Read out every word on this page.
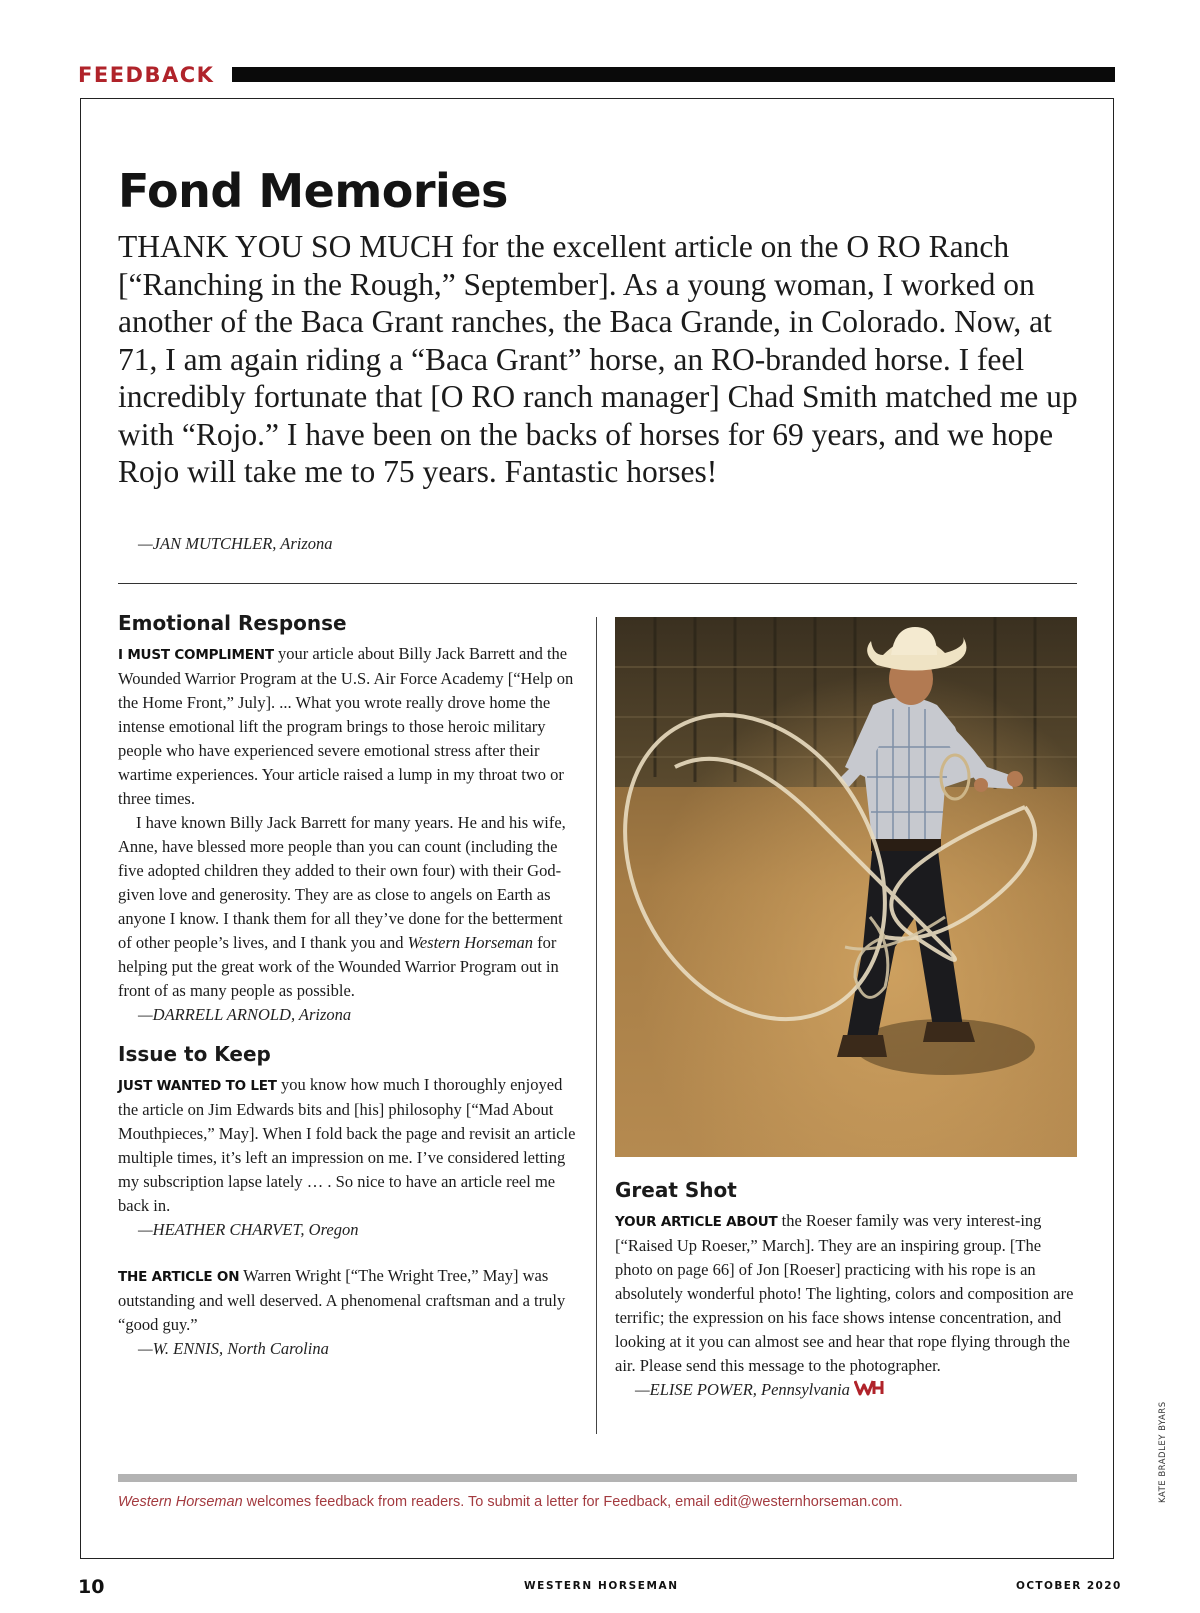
FEEDBACK
Fond Memories

THANK YOU SO MUCH for the excellent article on the O RO Ranch [“Ranching in the Rough,” September]. As a young woman, I worked on another of the Baca Grant ranches, the Baca Grande, in Colorado. Now, at 71, I am again riding a “Baca Grant” horse, an RO-branded horse. I feel incredibly fortunate that [O RO ranch manager] Chad Smith matched me up with “Rojo.” I have been on the backs of horses for 69 years, and we hope Rojo will take me to 75 years. Fantastic horses!

—JAN MUTCHLER, Arizona
Emotional Response

I MUST COMPLIMENT your article about Billy Jack Barrett and the Wounded Warrior Program at the U.S. Air Force Academy [“Help on the Home Front,” July]. ... What you wrote really drove home the intense emotional lift the program brings to those heroic military people who have experienced severe emotional stress after their wartime experiences. Your article raised a lump in my throat two or three times.

I have known Billy Jack Barrett for many years. He and his wife, Anne, have blessed more people than you can count (including the five adopted children they added to their own four) with their God-given love and generosity. They are as close to angels on Earth as anyone I know. I thank them for all they’ve done for the betterment of other people’s lives, and I thank you and Western Horseman for helping put the great work of the Wounded Warrior Program out in front of as many people as possible.

—DARRELL ARNOLD, Arizona

Issue to Keep

JUST WANTED TO LET you know how much I thoroughly enjoyed the article on Jim Edwards bits and [his] philosophy [“Mad About Mouthpieces,” May]. When I fold back the page and revisit an article multiple times, it’s left an impression on me. I’ve considered letting my subscription lapse lately … . So nice to have an article reel me back in.

—HEATHER CHARVET, Oregon

THE ARTICLE ON Warren Wright [“The Wright Tree,” May] was outstanding and well deserved. A phenomenal craftsman and a truly “good guy.”

—W. ENNIS, North Carolina

Great Shot

YOUR ARTICLE ABOUT the Roeser family was very interest-ing [“Raised Up Roeser,” March]. They are an inspiring group. [The photo on page 66] of Jon [Roeser] practicing with his rope is an absolutely wonderful photo! The lighting, colors and composition are terrific; the expression on his face shows intense concentration, and looking at it you can almost see and hear that rope flying through the air. Please send this message to the photographer.

—ELISE POWER, Pennsylvania

Western Horseman welcomes feedback from readers. To submit a letter for Feedback, email edit@westernhorseman.com.	KATE BRADLEY BYARS
10	WESTERN HORSEMAN	OCTOBER 2020
